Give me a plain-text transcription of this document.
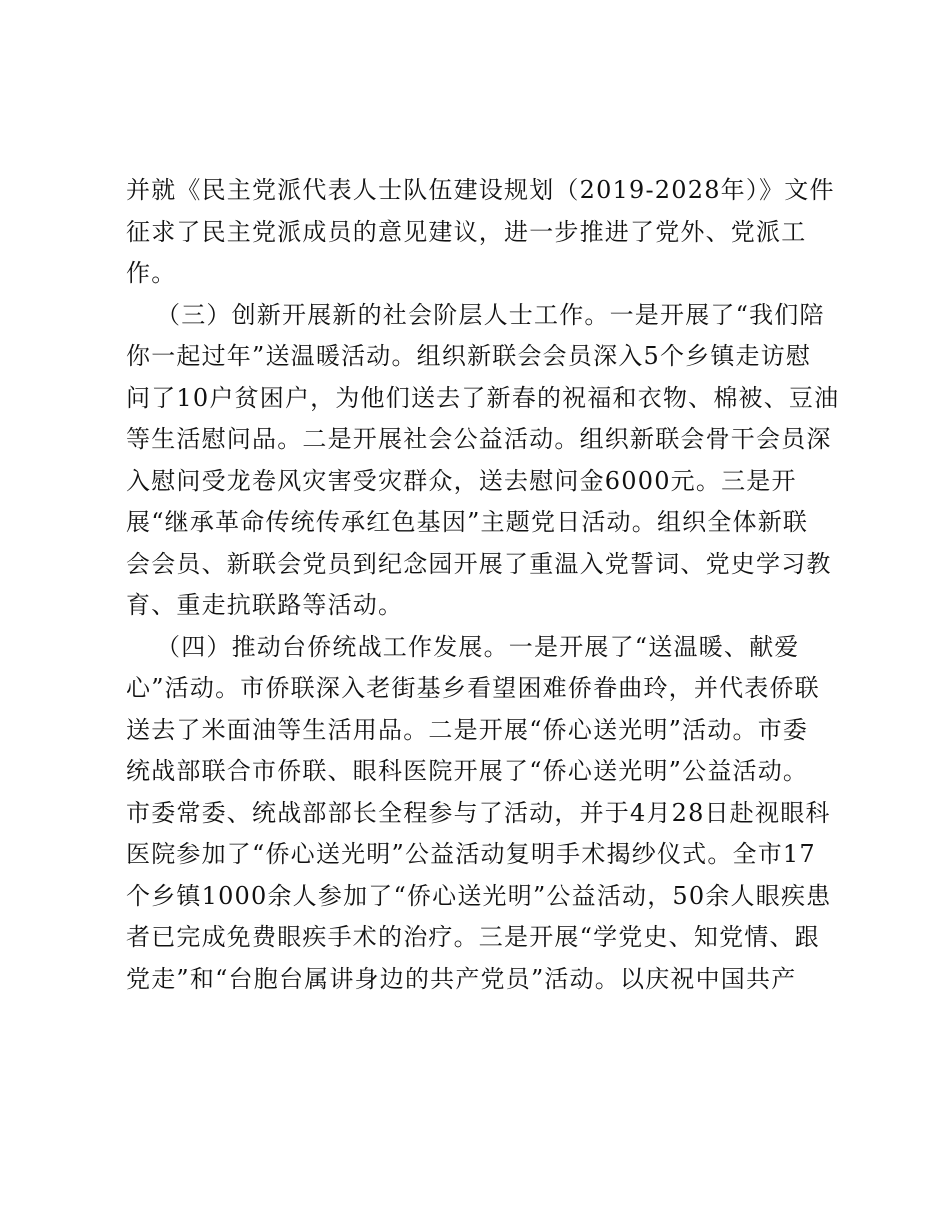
并就《民主党派代表人士队伍建设规划（2019-2028年）》文件
征求了民主党派成员的意见建议，进一步推进了党外、党派工
作。
（三）创新开展新的社会阶层人士工作。一是开展了“我们陪
你一起过年”送温暖活动。组织新联会会员深入5个乡镇走访慰
问了10户贫困户，为他们送去了新春的祝福和衣物、棉被、豆油
等生活慰问品。二是开展社会公益活动。组织新联会骨干会员深
入慰问受龙卷风灾害受灾群众，送去慰问金6000元。三是开
展“继承革命传统传承红色基因”主题党日活动。组织全体新联
会会员、新联会党员到纪念园开展了重温入党誓词、党史学习教
育、重走抗联路等活动。
（四）推动台侨统战工作发展。一是开展了“送温暖、献爱
心”活动。市侨联深入老街基乡看望困难侨眷曲玲，并代表侨联
送去了米面油等生活用品。二是开展“侨心送光明”活动。市委
统战部联合市侨联、眼科医院开展了“侨心送光明”公益活动。
市委常委、统战部部长全程参与了活动，并于4月28日赴视眼科
医院参加了“侨心送光明”公益活动复明手术揭纱仪式。全市17
个乡镇1000余人参加了“侨心送光明”公益活动，50余人眼疾患
者已完成免费眼疾手术的治疗。三是开展“学党史、知党情、跟
党走”和“台胞台属讲身边的共产党员”活动。以庆祝中国共产
